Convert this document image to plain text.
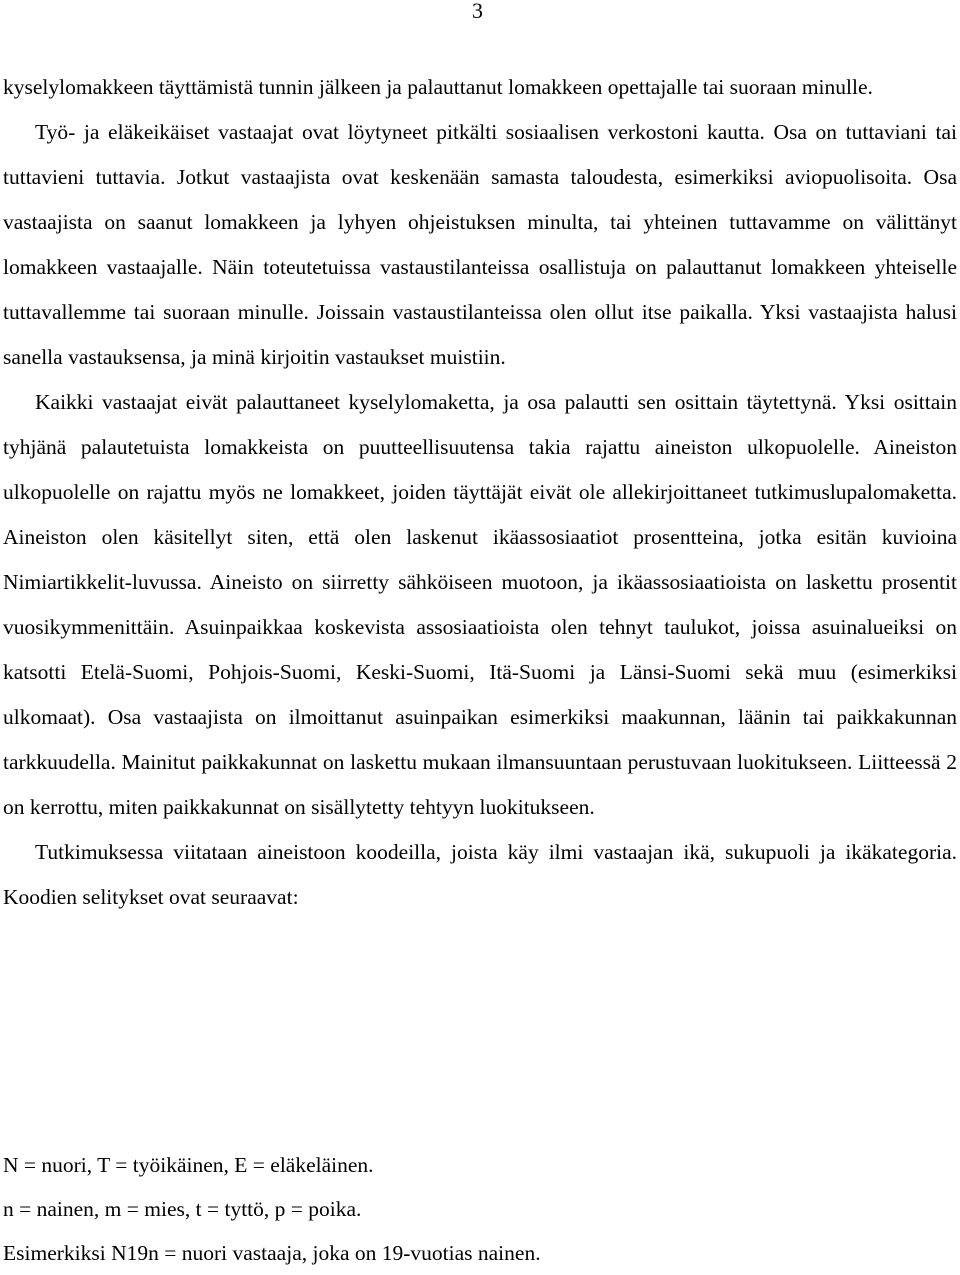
3

kyselylomakkeen täyttämistä tunnin jälkeen ja palauttanut lomakkeen opettajalle tai suoraan minulle.

Työ- ja eläkeikäiset vastaajat ovat löytyneet pitkälti sosiaalisen verkostoni kautta. Osa on tuttaviani tai tuttavieni tuttavia. Jotkut vastaajista ovat keskenään samasta taloudesta, esimerkiksi aviopuolisoita. Osa vastaajista on saanut lomakkeen ja lyhyen ohjeistuksen minulta, tai yhteinen tuttavamme on välittänyt lomakkeen vastaajalle. Näin toteutetuissa vastaustilanteissa osallistuja on palauttanut lomakkeen yhteiselle tuttavallemme tai suoraan minulle. Joissain vastaustilanteissa olen ollut itse paikalla. Yksi vastaajista halusi sanella vastauksensa, ja minä kirjoitin vastaukset muistiin.

Kaikki vastaajat eivät palauttaneet kyselylomaketta, ja osa palautti sen osittain täytettynä. Yksi osittain tyhjänä palautetuista lomakkeista on puutteellisuutensa takia rajattu aineiston ulkopuolelle. Aineiston ulkopuolelle on rajattu myös ne lomakkeet, joiden täyttäjät eivät ole allekirjoittaneet tutkimuslupalomaketta. Aineiston olen käsitellyt siten, että olen laskenut ikäassosiaatiot prosentteina, jotka esitän kuvioina Nimiartikkelit-luvussa. Aineisto on siirretty sähköiseen muotoon, ja ikäassosiaatioista on laskettu prosentit vuosikymmenittäin. Asuinpaikkaa koskevista assosiaatioista olen tehnyt taulukot, joissa asuinalueiksi on katsotti Etelä-Suomi, Pohjois-Suomi, Keski-Suomi, Itä-Suomi ja Länsi-Suomi sekä muu (esimerkiksi ulkomaat). Osa vastaajista on ilmoittanut asuinpaikan esimerkiksi maakunnan, läänin tai paikkakunnan tarkkuudella. Mainitut paikkakunnat on laskettu mukaan ilmansuuntaan perustuvaan luokitukseen. Liitteessä 2 on kerrottu, miten paikkakunnat on sisällytetty tehtyyn luokitukseen.

Tutkimuksessa viitataan aineistoon koodeilla, joista käy ilmi vastaajan ikä, sukupuoli ja ikäkategoria. Koodien selitykset ovat seuraavat:

N = nuori, T = työikäinen, E = eläkeläinen.

n = nainen, m = mies, t = tyttö, p = poika.

Esimerkiksi N19n = nuori vastaaja, joka on 19-vuotias nainen.
